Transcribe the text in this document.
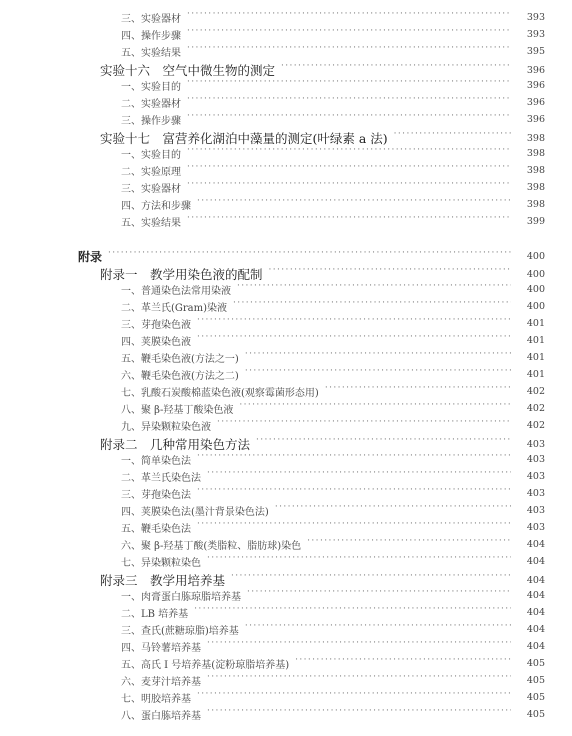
三、实验器材 ·····	393
四、操作步骤 ·····	393
五、实验结果 ·····	395
实验十六　空气中微生物的测定 ·····	396
一、实验目的 ·····	396
二、实验器材 ·····	396
三、操作步骤 ·····	396
实验十七　富营养化湖泊中藻量的测定(叶绿素 a 法) ·····	398
一、实验目的 ·····	398
二、实验原理 ·····	398
三、实验器材 ·····	398
四、方法和步骤 ·····	398
五、实验结果 ·····	399
附录 ·····	400
附录一　教学用染色液的配制 ·····	400
一、普通染色法常用染液 ·····	400
二、革兰氏(Gram)染液 ·····	400
三、芽孢染色液 ·····	401
四、荚膜染色液 ·····	401
五、鞭毛染色液(方法之一) ·····	401
六、鞭毛染色液(方法之二) ·····	401
七、乳酸石炭酸棉蓝染色液(观察霉菌形态用) ·····	402
八、聚 β-羟基丁酸染色液 ·····	402
九、异染颗粒染色液 ·····	402
附录二　几种常用染色方法 ·····	403
一、简单染色法 ·····	403
二、革兰氏染色法 ·····	403
三、芽孢染色法 ·····	403
四、荚膜染色法(墨汁背景染色法) ·····	403
五、鞭毛染色法 ·····	403
六、聚 β-羟基丁酸(类脂粒、脂肪球)染色 ·····	404
七、异染颗粒染色 ·····	404
附录三　教学用培养基 ·····	404
一、肉膏蛋白胨琼脂培养基 ·····	404
二、LB 培养基 ·····	404
三、查氏(蔗糖琼脂)培养基 ·····	404
四、马铃薯培养基 ·····	404
五、高氏 I 号培养基(淀粉琼脂培养基) ·····	405
六、麦芽汁培养基 ·····	405
七、明胶培养基 ·····	405
八、蛋白胨培养基 ·····	405
